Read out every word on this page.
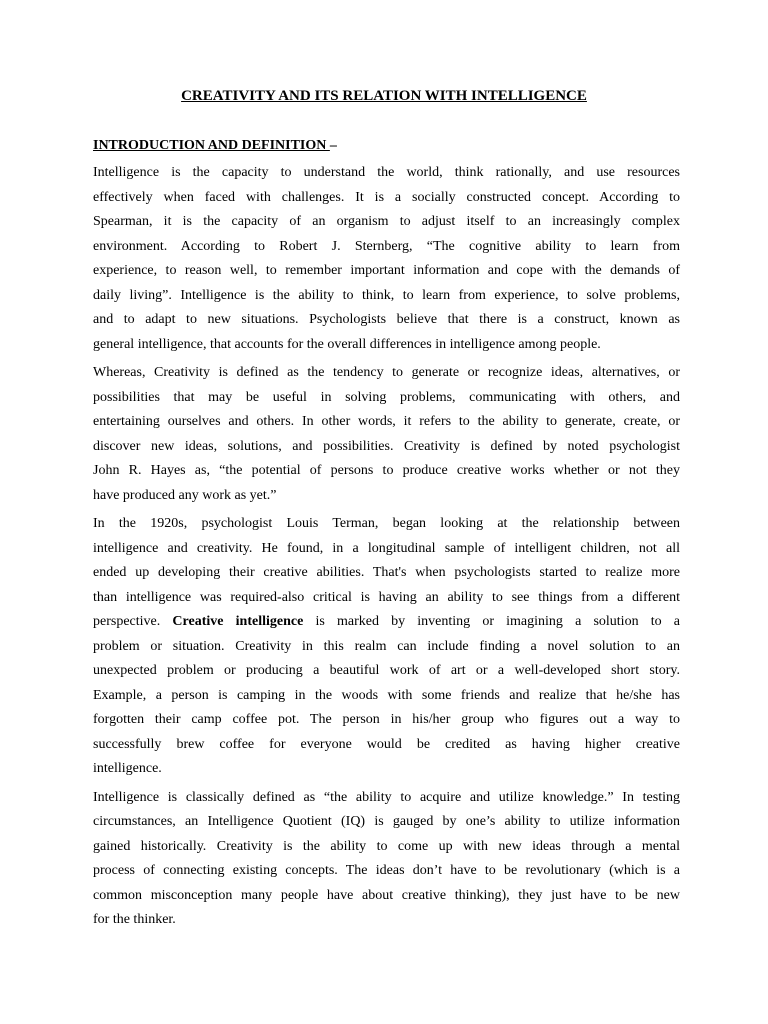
CREATIVITY AND ITS RELATION WITH INTELLIGENCE

INTRODUCTION AND DEFINITION –

Intelligence is the capacity to understand the world, think rationally, and use resources
effectively when faced with challenges. It is a socially constructed concept. According to
Spearman, it is the capacity of an organism to adjust itself to an increasingly complex
environment. According to Robert J. Sternberg, “The cognitive ability to learn from
experience, to reason well, to remember important information and cope with the demands of
daily living”. Intelligence is the ability to think, to learn from experience, to solve problems,
and to adapt to new situations. Psychologists believe that there is a construct, known as
general intelligence, that accounts for the overall differences in intelligence among people.

Whereas, Creativity is defined as the tendency to generate or recognize ideas, alternatives, or
possibilities that may be useful in solving problems, communicating with others, and
entertaining ourselves and others. In other words, it refers to the ability to generate, create, or
discover new ideas, solutions, and possibilities. Creativity is defined by noted psychologist
John R. Hayes as, “the potential of persons to produce creative works whether or not they
have produced any work as yet.”

In the 1920s, psychologist Louis Terman, began looking at the relationship between
intelligence and creativity. He found, in a longitudinal sample of intelligent children, not all
ended up developing their creative abilities. That's when psychologists started to realize more
than intelligence was required-also critical is having an ability to see things from a different
perspective. Creative intelligence is marked by inventing or imagining a solution to a
problem or situation. Creativity in this realm can include finding a novel solution to an
unexpected problem or producing a beautiful work of art or a well-developed short story.
Example, a person is camping in the woods with some friends and realize that he/she has
forgotten their camp coffee pot. The person in his/her group who figures out a way to
successfully brew coffee for everyone would be credited as having higher creative
intelligence.

Intelligence is classically defined as “the ability to acquire and utilize knowledge.” In testing
circumstances, an Intelligence Quotient (IQ) is gauged by one’s ability to utilize information
gained historically. Creativity is the ability to come up with new ideas through a mental
process of connecting existing concepts. The ideas don’t have to be revolutionary (which is a
common misconception many people have about creative thinking), they just have to be new
for the thinker.
